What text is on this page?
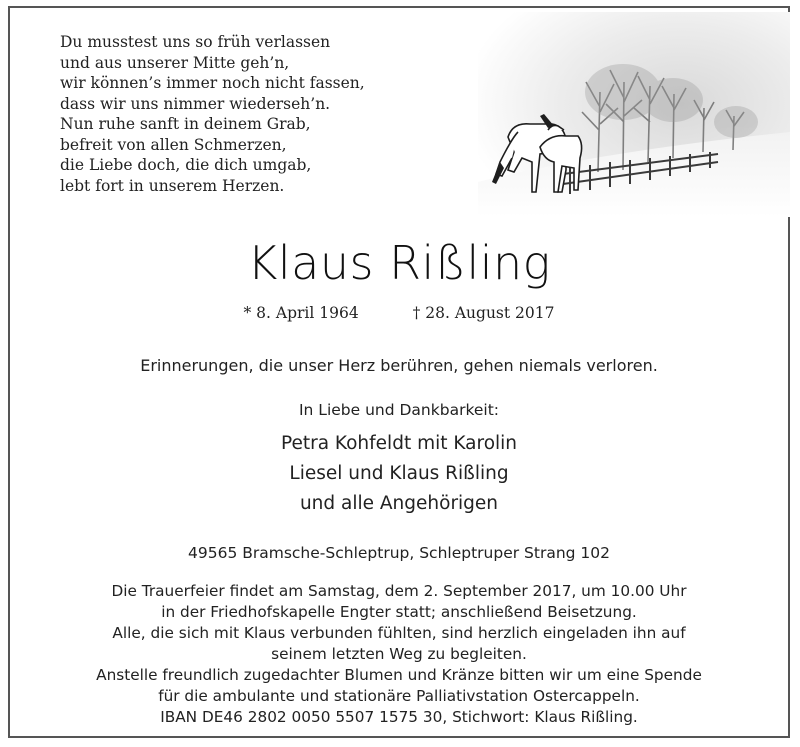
Du musstest uns so früh verlassen
und aus unserer Mitte geh’n,
wir können’s immer noch nicht fassen,
dass wir uns nimmer wiederseh’n.
Nun ruhe sanft in deinem Grab,
befreit von allen Schmerzen,
die Liebe doch, die dich umgab,
lebt fort in unserem Herzen.
Klaus Rißling
* 8. April 1964	† 28. August 2017
Erinnerungen, die unser Herz berühren, gehen niemals verloren.
In Liebe und Dankbarkeit:
Petra Kohfeldt mit Karolin
Liesel und Klaus Rißling
und alle Angehörigen
49565 Bramsche-Schleptrup, Schleptruper Strang 102
Die Trauerfeier findet am Samstag, dem 2. September 2017, um 10.00 Uhr
in der Friedhofskapelle Engter statt; anschließend Beisetzung.
Alle, die sich mit Klaus verbunden fühlten, sind herzlich eingeladen ihn auf
seinem letzten Weg zu begleiten.
Anstelle freundlich zugedachter Blumen und Kränze bitten wir um eine Spende
für die ambulante und stationäre Palliativstation Ostercappeln.
IBAN DE46 2802 0050 5507 1575 30, Stichwort: Klaus Rißling.
